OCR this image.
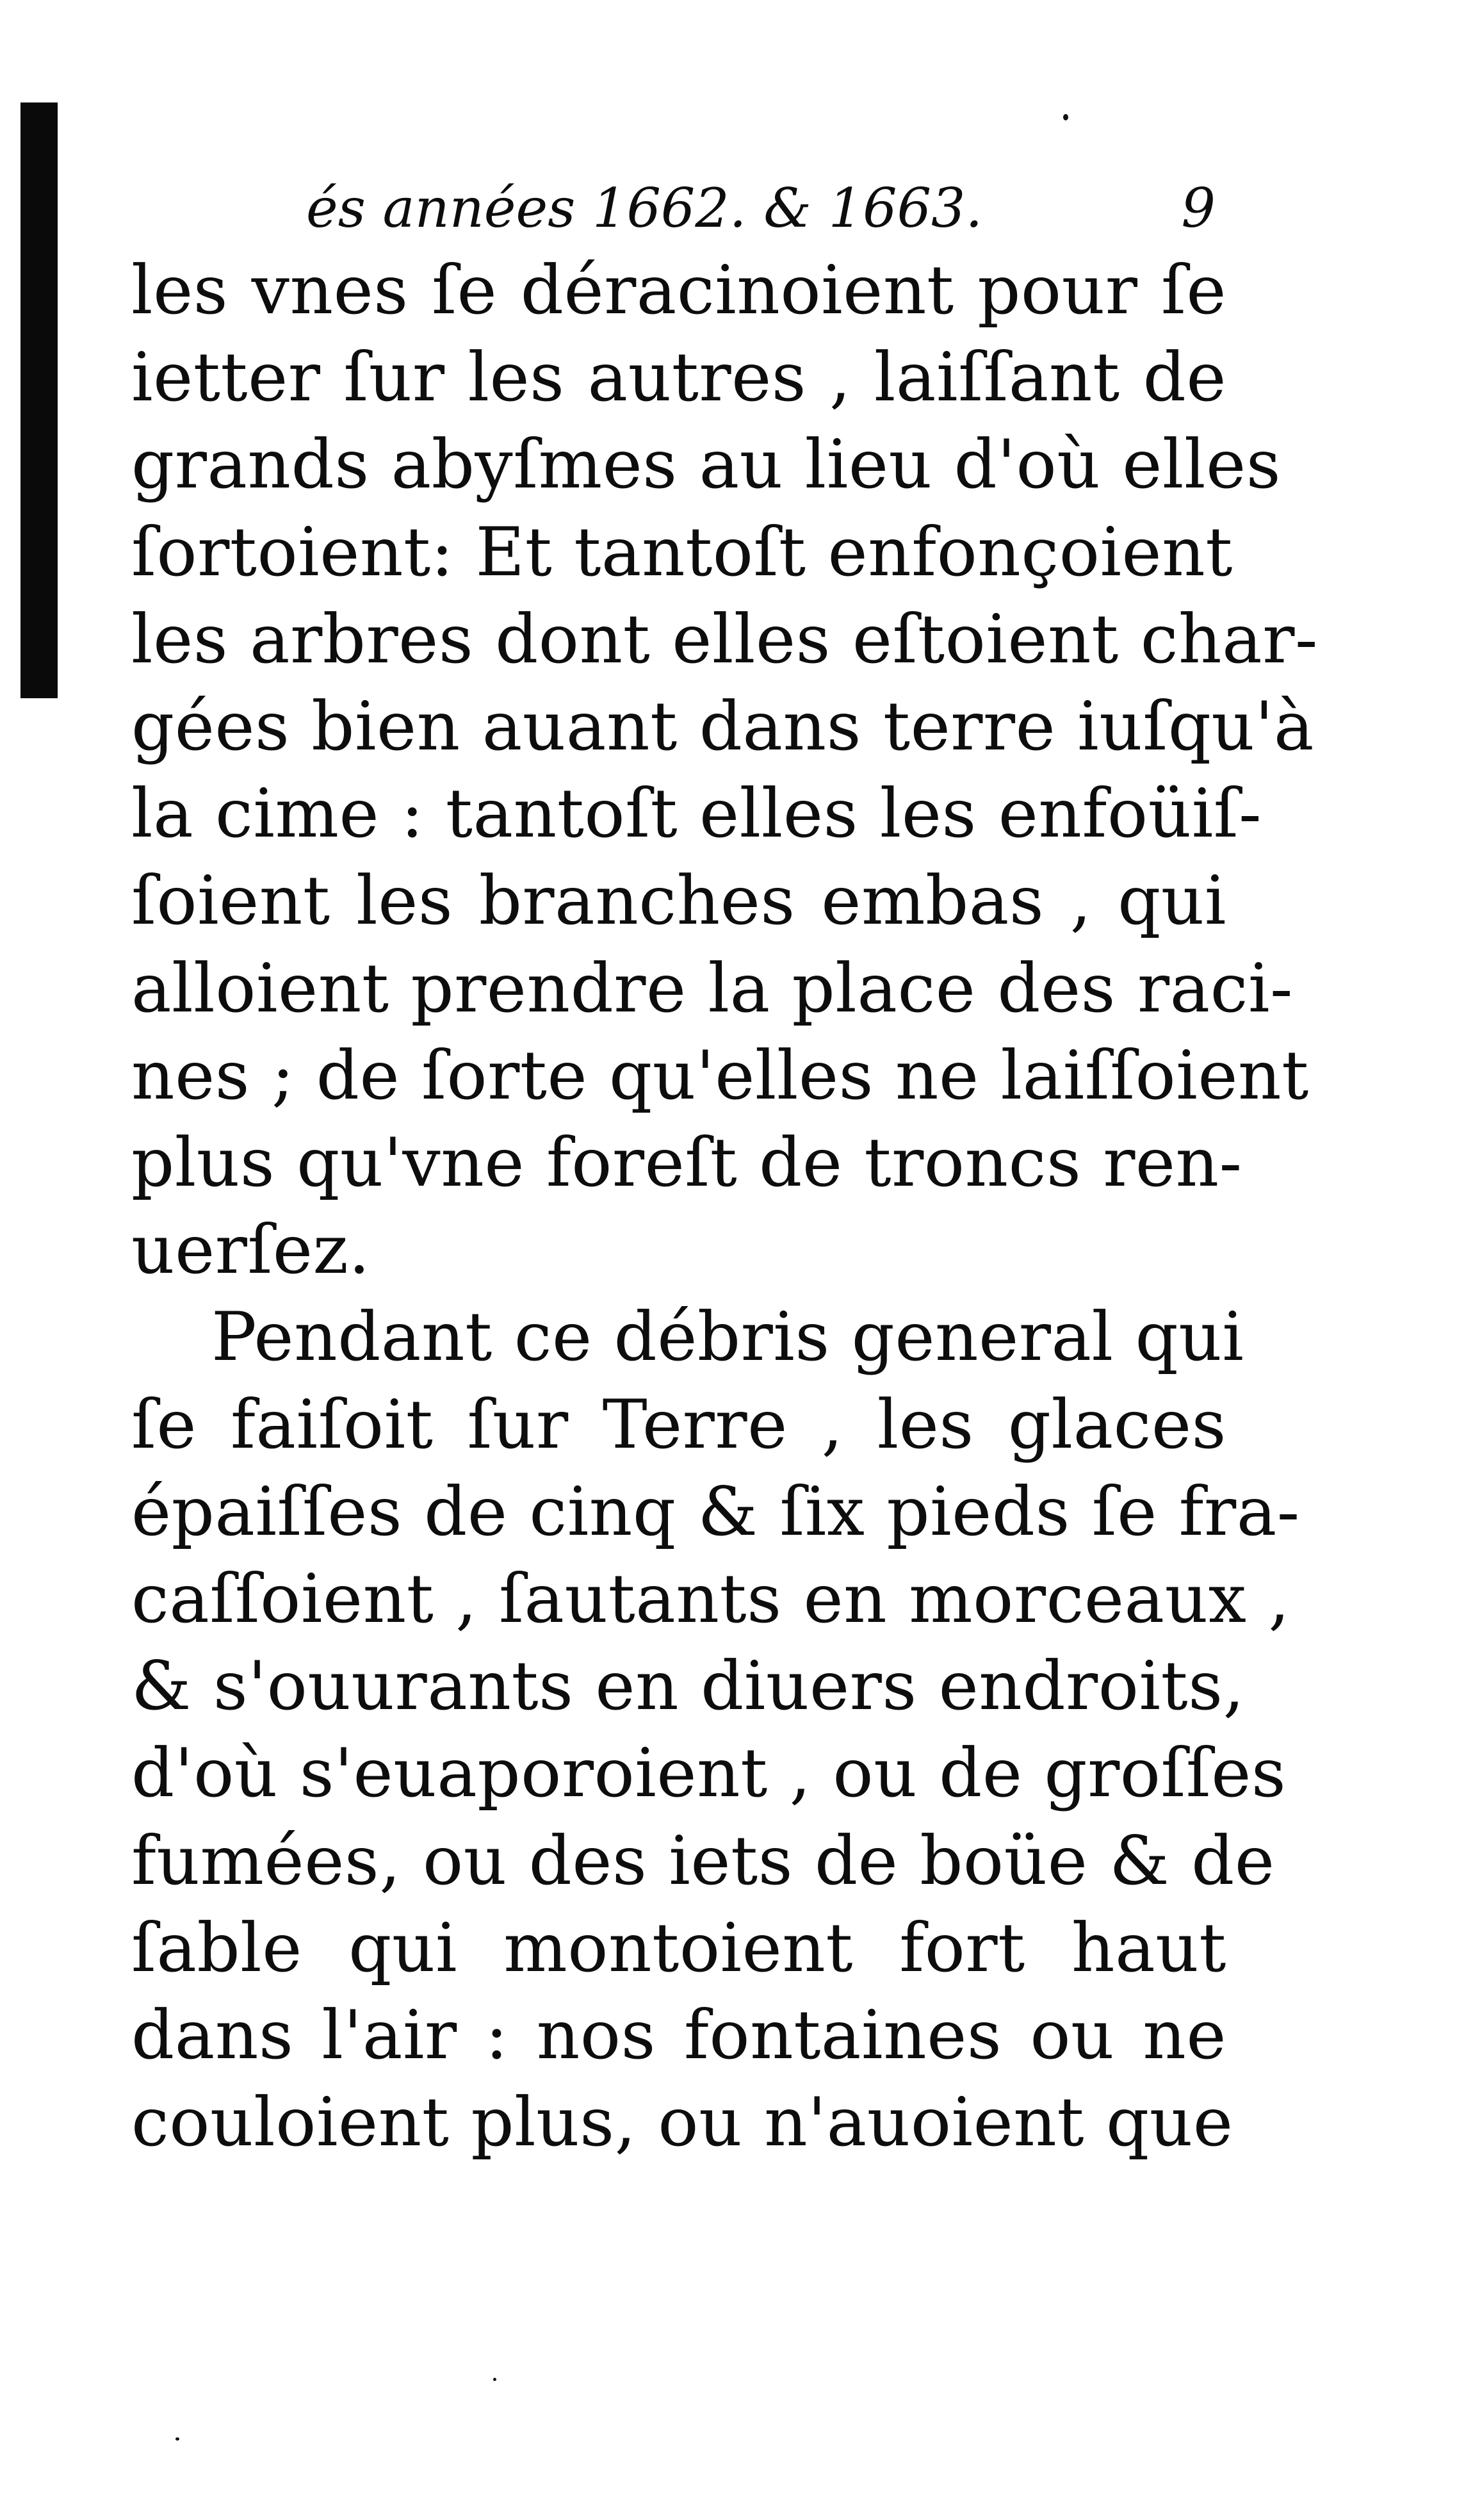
és années 1662. & 1663.	9
les vnes ſe déracinoient pour ſe
ietter ſur les autres , laiſſant de
grands abyſmes au lieu d'où elles
ſortoient: Et tantoſt enfonçoient
les arbres dont elles eſtoient char-
gées bien auant dans terre iuſqu'à
la cime : tantoſt elles les enfoüiſ-
ſoient les branches embas , qui
alloient prendre la place des raci-
nes ; de ſorte qu'elles ne laiſſoient
plus qu'vne foreſt de troncs ren-
uerſez.
Pendant ce débris general qui
ſe faiſoit ſur Terre , les glaces
épaiſſes de cinq & ſix pieds ſe fra-
caſſoient , ſautants en morceaux ,
& s'ouurants en diuers endroits,
d'où s'euaporoient , ou de groſſes
fumées, ou des iets de boüe & de
ſable qui montoient fort haut
dans l'air : nos fontaines ou ne
couloient plus, ou n'auoient que
